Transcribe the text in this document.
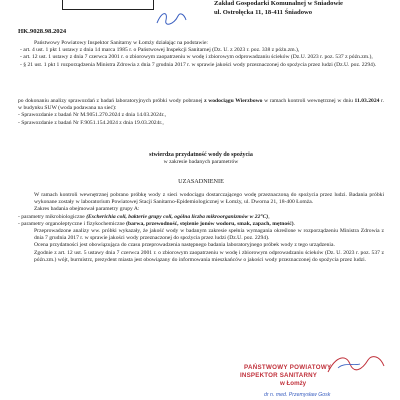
Zakład Gospodarki Komunalnej w Śniadowie
ul. Ostrołęcka 11, 18-411 Śniadowo
HK.9028.98.2024
Państwowy Powiatowy Inspektor Sanitarny w Łomży działając na podstawie:
- art. 4 ust. 1 pkt 1 ustawy z dnia 14 marca 1985 r. o Państwowej Inspekcji Sanitarnej (Dz. U. z 2023 r. poz. 338 z późn.zm.),
- art. 12 ust. 1 ustawy z dnia 7 czerwca 2001 r. o zbiorowym zaopatrzeniu w wodę i zbiorowym odprowadzaniu ścieków (Dz.U. 2023 r. poz. 537 z późn.zm.),
- § 21 ust. 1 pkt 1 rozporządzenia Ministra Zdrowia z dnia 7 grudnia 2017 r. w sprawie jakości wody przeznaczonej do spożycia przez ludzi (Dz.U. poz. 2294).
po dokonaniu analizy sprawozdań z badań laboratoryjnych próbki wody pobranej z wodociągu Wierzbowo w ramach kontroli wewnętrznej w dniu 11.03.2024 r. w budynku SUW (woda podawana na sieć):
- Sprawozdanie z badań Nr M.9051.270.2024 z dnia 14.03.2024r.,
- Sprawozdanie z badań Nr F.9051.154.2024 z dnia 19.03.2024r.,
stwierdza przydatność wody do spożycia
w zakresie badanych parametrów
UZASADNIENIE
W ramach kontroli wewnętrznej pobrano próbkę wody z sieci wodociągu dostarczającego wodę przeznaczoną do spożycia przez ludzi. Badania próbki wykonane zostały w laboratorium Powiatowej Stacji Sanitarno-Epidemiologicznej w Łomży, ul. Dworna 21, 18-400 Łomża.
Zakres badania obejmował parametry grupy A:
- parametry mikrobiologiczne (Escherichia coli, bakterie grupy coli, ogólna liczba mikroorganizmów w 22°C),
- parametry organoleptyczne i fizykochemiczne (barwa, przewodność, stężenie jonów wodoru, smak, zapach, mętność).
Przeprowadzone analizy ww. próbki wykazały, że jakość wody w badanym zakresie spełnia wymagania określone w rozporządzeniu Ministra Zdrowia z dnia 7 grudnia 2017 r. w sprawie jakości wody przeznaczonej do spożycia przez ludzi (Dz.U. poz. 2294).
Ocena przydatności jest obowiązująca do czasu przeprowadzenia następnego badania laboratoryjnego próbek wody z tego urządzenia.
Zgodnie z art. 12 ust. 5 ustawy dnia 7 czerwca 2001 r. o zbiorowym zaopatrzeniu w wodę i zbiorowym odprowadzaniu ścieków (Dz. U. 2023 r. poz. 537 z późn.zm.) wójt, burmistrz, prezydent miasta jest obowiązany do informowania mieszkańców o jakości wody przeznaczonej do spożycia przez ludzi.
PAŃSTWOWY POWIATOWY
INSPEKTOR SANITARNY
w Łomży
dr n. med. Przemysław Gosk
